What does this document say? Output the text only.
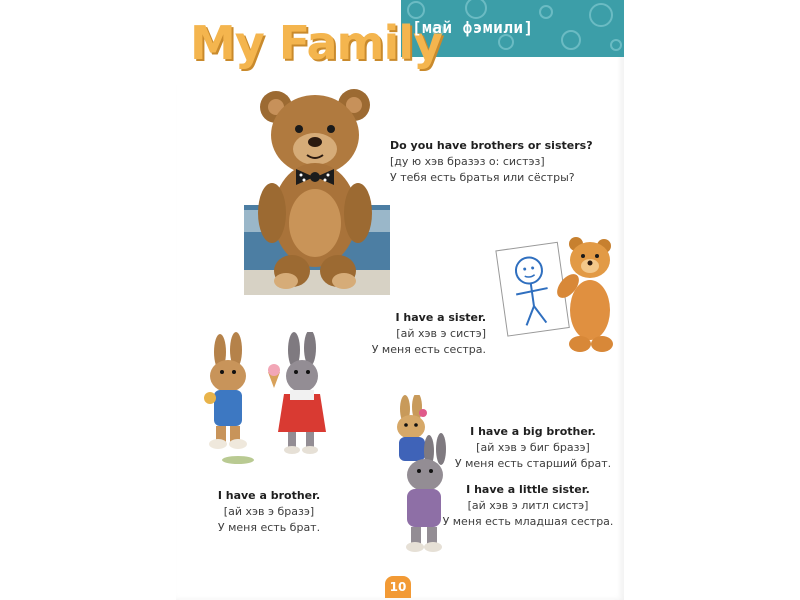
My Family
[май фэмили]
Do you have brothers or sisters?
[ду ю хэв брaзэз о: сиcтэз]
У тебя есть братья или сёстры?
I have a sister.
[ай хэв э систэ]
У меня есть сестра.
I have a brother.
[ай хэв э бразэ]
У меня есть брат.
I have a big brother.
[ай хэв э биг бразэ]
У меня есть старший брат.
I have a little sister.
[ай хэв э литл систэ]
У меня есть младшая сестра.
10
